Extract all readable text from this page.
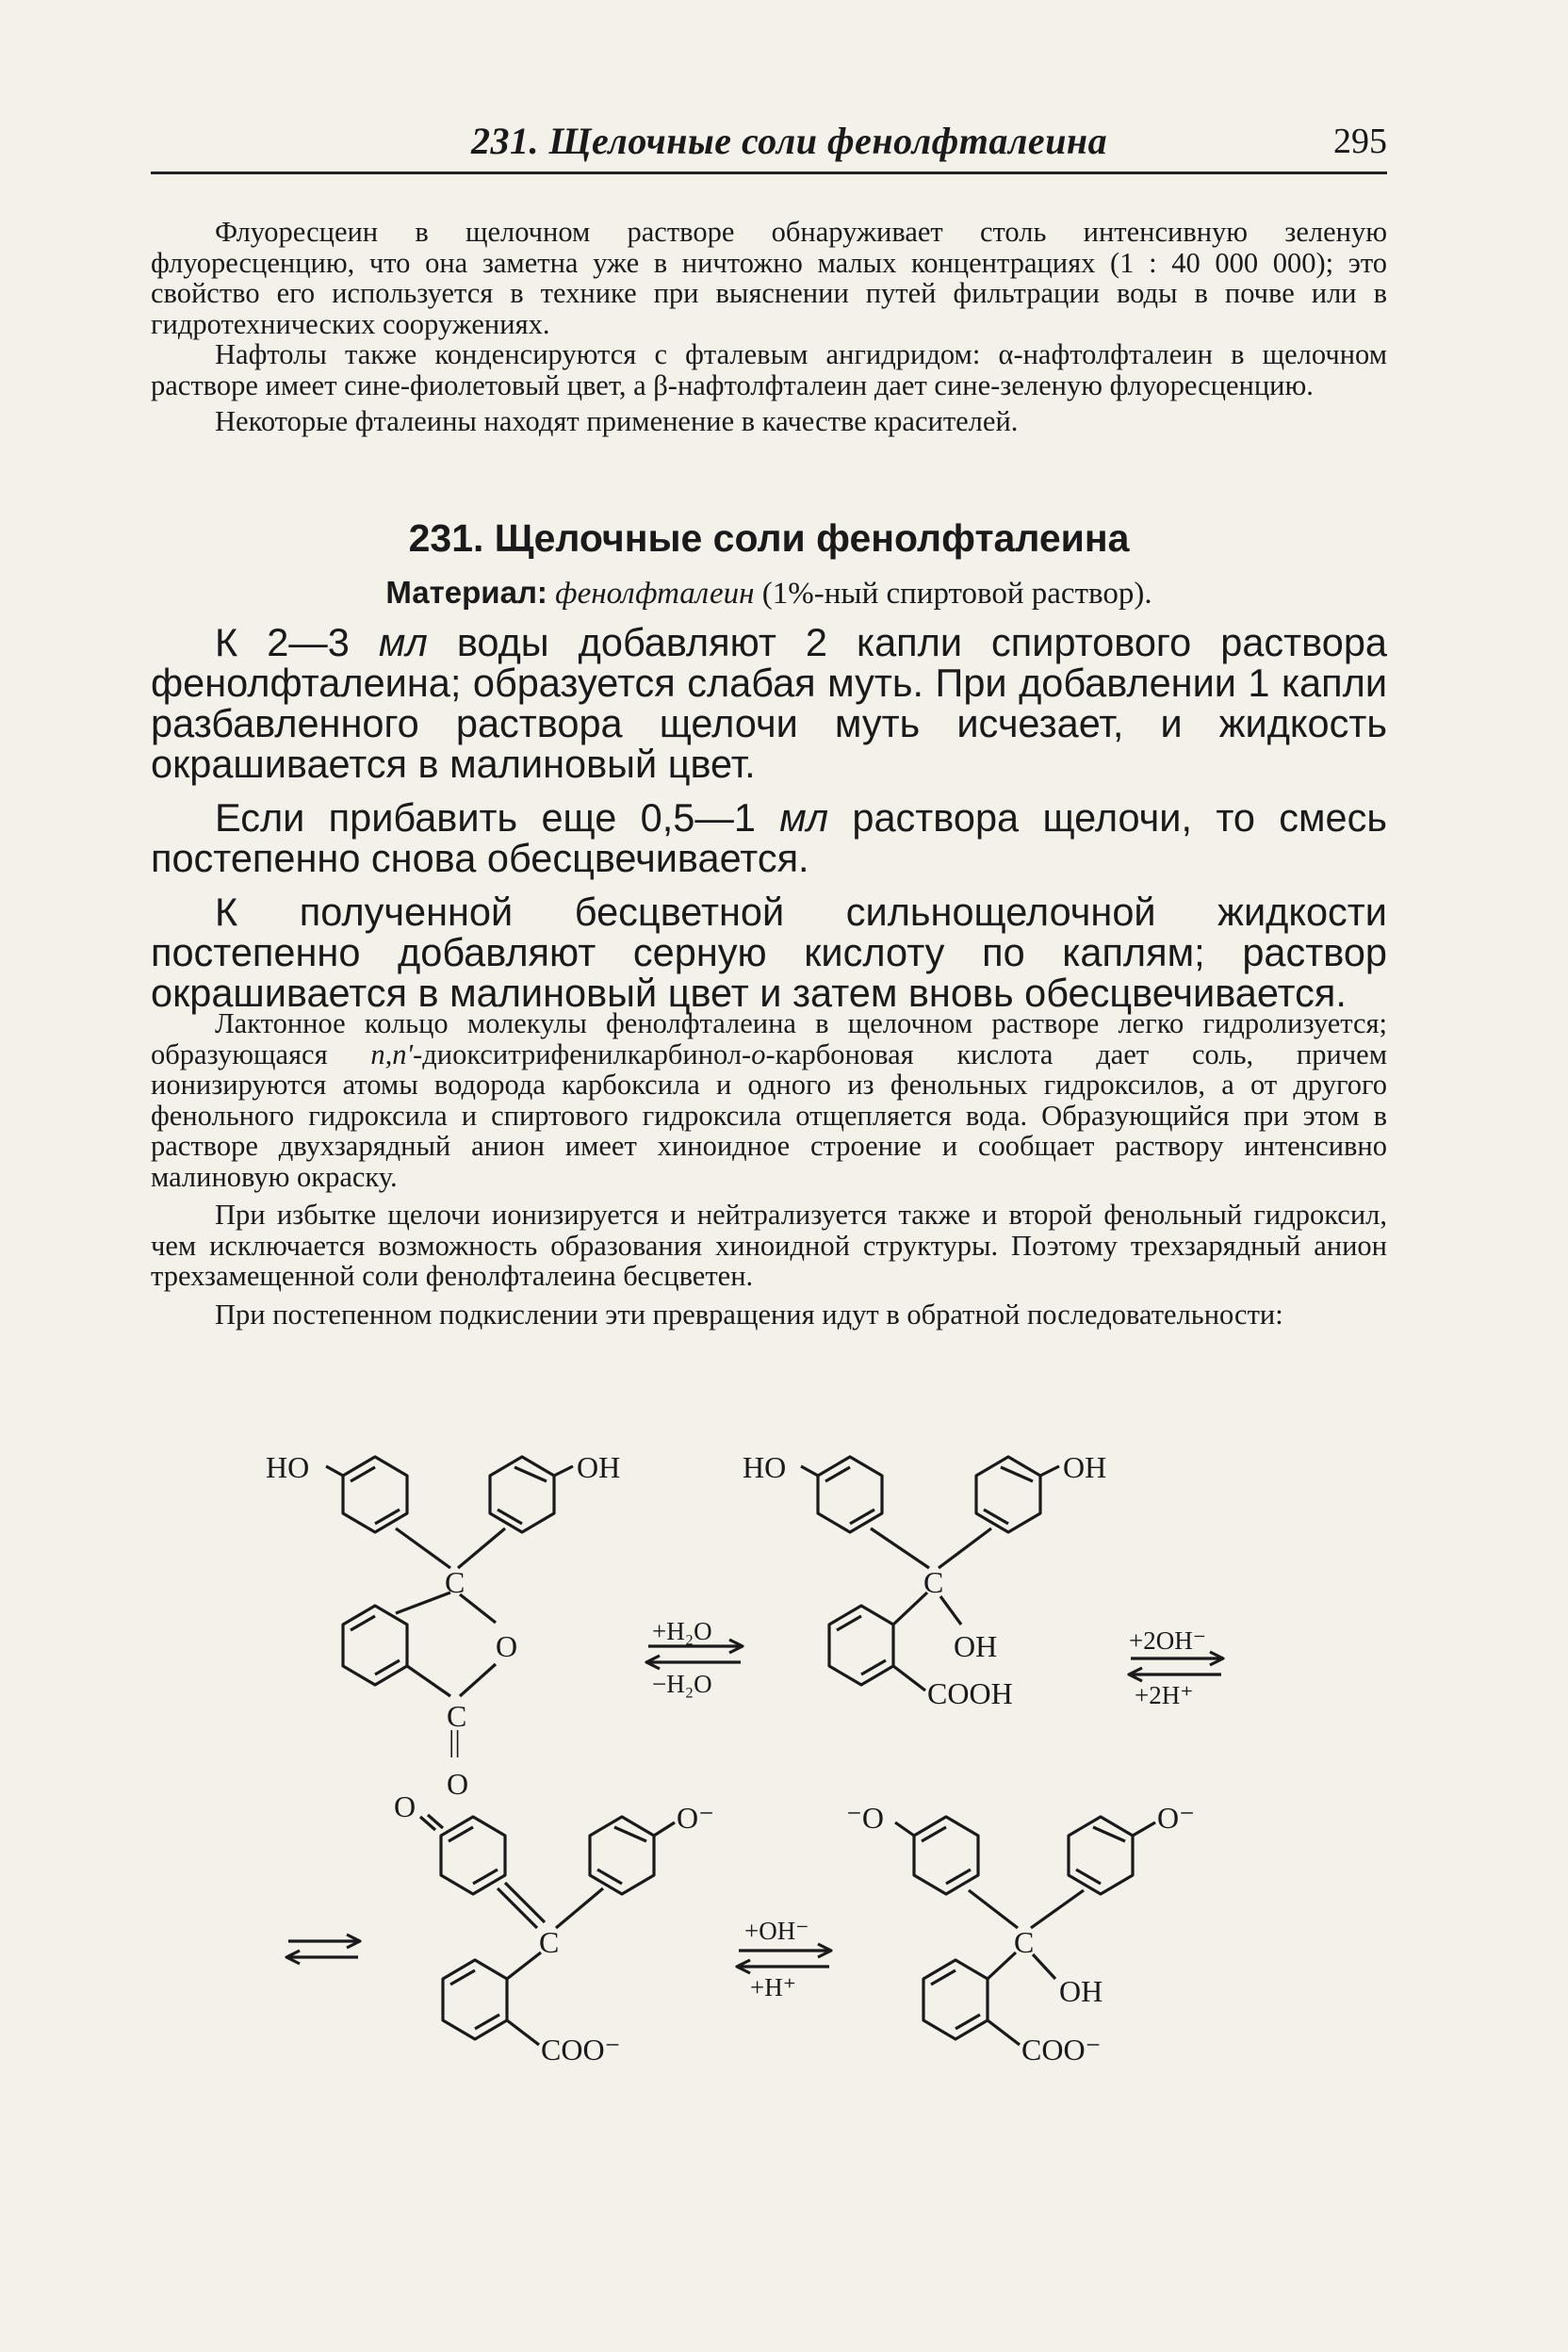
231. Щелочные соли фенолфталеина	295

Флуоресцеин в щелочном растворе обнаруживает столь интенсивную зеленую флуоресценцию, что она заметна уже в ничтожно малых концентрациях (1 : 40 000 000); это свойство его используется в технике при выяснении путей фильтрации воды в почве или в гидротехнических сооружениях.

Нафтолы также конденсируются с фталевым ангидридом: α-нафтолфталеин в щелочном растворе имеет сине-фиолетовый цвет, а β-нафтолфталеин дает сине-зеленую флуоресценцию.

Некоторые фталеины находят применение в качестве красителей.

231. Щелочные соли фенолфталеина
Материал: фенолфталеин (1%-ный спиртовой раствор).

К 2—3 мл воды добавляют 2 капли спиртового раствора фенолфталеина; образуется слабая муть. При добавлении 1 капли разбавленного раствора щелочи муть исчезает, и жидкость окрашивается в малиновый цвет.

Если прибавить еще 0,5—1 мл раствора щелочи, то смесь постепенно снова обесцвечивается.

К полученной бесцветной сильнощелочной жидкости постепенно добавляют серную кислоту по каплям; раствор окрашивается в малиновый цвет и затем вновь обесцвечивается.

Лактонное кольцо молекулы фенолфталеина в щелочном растворе легко гидролизуется; образующаяся n,n'-диокситрифенилкарбинол-o-карбоновая кислота дает соль, причем ионизируются атомы водорода карбоксила и одного из фенольных гидроксилов, а от другого фенольного гидроксила и спиртового гидроксила отщепляется вода. Образующийся при этом в растворе двухзарядный анион имеет хиноидное строение и сообщает раствору интенсивно малиновую окраску.

При избытке щелочи ионизируется и нейтрализуется также и второй фенольный гидроксил, чем исключается возможность образования хиноидной структуры. Поэтому трехзарядный анион трехзамещенной соли фенолфталеина бесцветен.

При постепенном подкислении эти превращения идут в обратной последовательности:

HO	OH
C
O
C
||
O
+H₂O
−H₂O
HO	OH
C
OH
COOH
+2OH⁻
+2H⁺
O	O⁻
C
COO⁻
+OH⁻
+H⁺
⁻O	O⁻
C
OH
COO⁻
